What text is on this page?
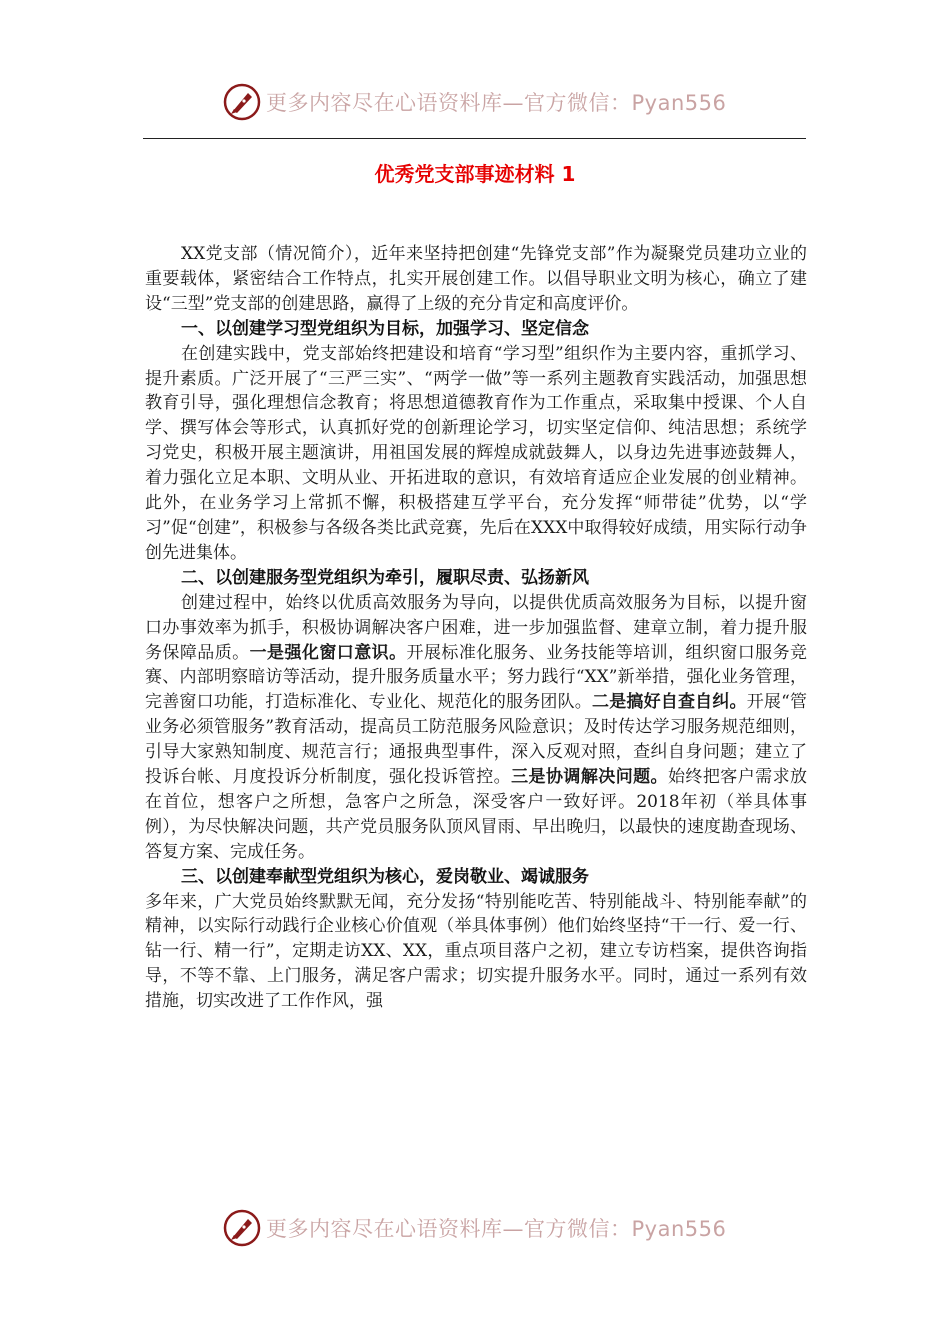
更多内容尽在心语资料库—官方微信：Pyan556
优秀党支部事迹材料 1

XX党支部（情况简介），近年来坚持把创建“先锋党支部”作为凝聚党员建功立业的重要载体，紧密结合工作特点，扎实开展创建工作。以倡导职业文明为核心，确立了建设“三型”党支部的创建思路，赢得了上级的充分肯定和高度评价。

一、以创建学习型党组织为目标，加强学习、坚定信念

在创建实践中，党支部始终把建设和培育“学习型”组织作为主要内容，重抓学习、提升素质。广泛开展了“三严三实”、“两学一做”等一系列主题教育实践活动，加强思想教育引导，强化理想信念教育；将思想道德教育作为工作重点，采取集中授课、个人自学、撰写体会等形式，认真抓好党的创新理论学习，切实坚定信仰、纯洁思想；系统学习党史，积极开展主题演讲，用祖国发展的辉煌成就鼓舞人，以身边先进事迹鼓舞人，着力强化立足本职、文明从业、开拓进取的意识，有效培育适应企业发展的创业精神。此外，在业务学习上常抓不懈，积极搭建互学平台，充分发挥“师带徒”优势，以“学习”促“创建”，积极参与各级各类比武竞赛，先后在XXX中取得较好成绩，用实际行动争创先进集体。

二、以创建服务型党组织为牵引，履职尽责、弘扬新风

创建过程中，始终以优质高效服务为导向，以提供优质高效服务为目标，以提升窗口办事效率为抓手，积极协调解决客户困难，进一步加强监督、建章立制，着力提升服务保障品质。一是强化窗口意识。开展标准化服务、业务技能等培训，组织窗口服务竞赛、内部明察暗访等活动，提升服务质量水平；努力践行“XX”新举措，强化业务管理，完善窗口功能，打造标准化、专业化、规范化的服务团队。二是搞好自查自纠。开展“管业务必须管服务”教育活动，提高员工防范服务风险意识；及时传达学习服务规范细则，引导大家熟知制度、规范言行；通报典型事件，深入反观对照，查纠自身问题；建立了投诉台帐、月度投诉分析制度，强化投诉管控。三是协调解决问题。始终把客户需求放在首位，想客户之所想，急客户之所急，深受客户一致好评。2018年初（举具体事例），为尽快解决问题，共产党员服务队顶风冒雨、早出晚归，以最快的速度勘查现场、答复方案、完成任务。

三、以创建奉献型党组织为核心，爱岗敬业、竭诚服务

多年来，广大党员始终默默无闻，充分发扬“特别能吃苦、特别能战斗、特别能奉献”的精神，以实际行动践行企业核心价值观（举具体事例）他们始终坚持“干一行、爱一行、钻一行、精一行”，定期走访XX、XX，重点项目落户之初，建立专访档案，提供咨询指导，不等不靠、上门服务，满足客户需求；切实提升服务水平。同时，通过一系列有效措施，切实改进了工作作风，强

更多内容尽在心语资料库—官方微信：Pyan556
